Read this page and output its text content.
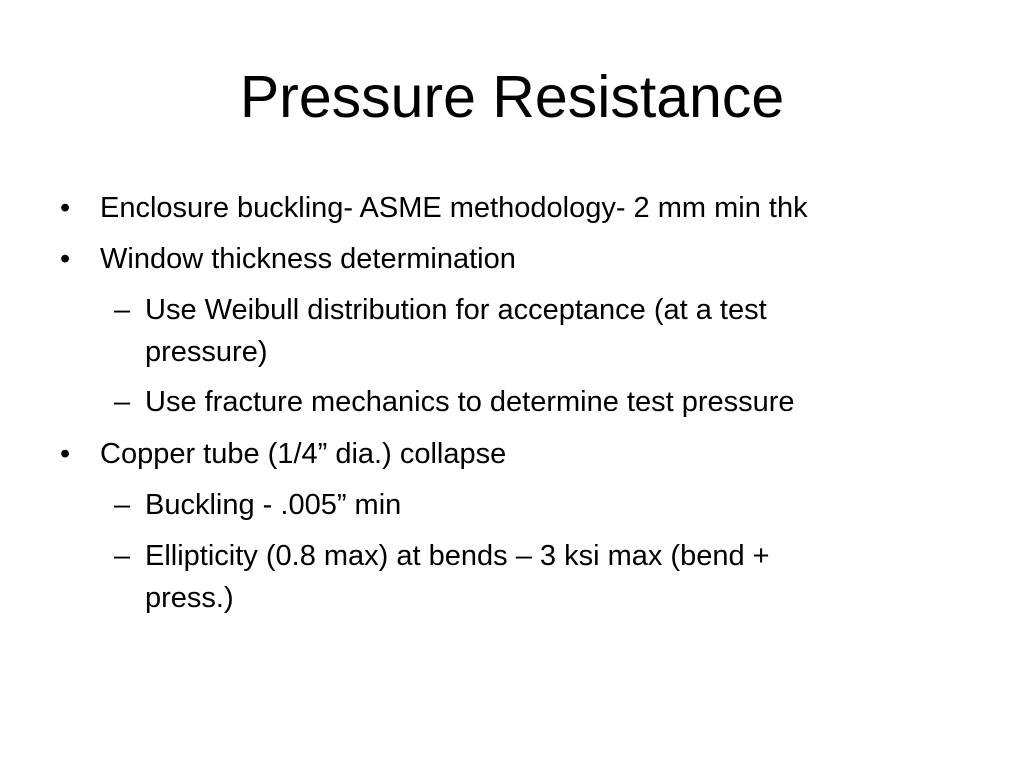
Pressure Resistance
• Enclosure buckling- ASME methodology- 2 mm min thk
• Window thickness determination
– Use Weibull distribution for acceptance (at a test
pressure)
– Use fracture mechanics to determine test pressure
• Copper tube (1/4” dia.) collapse
– Buckling - .005” min
– Ellipticity (0.8 max) at bends – 3 ksi max (bend +
press.)
